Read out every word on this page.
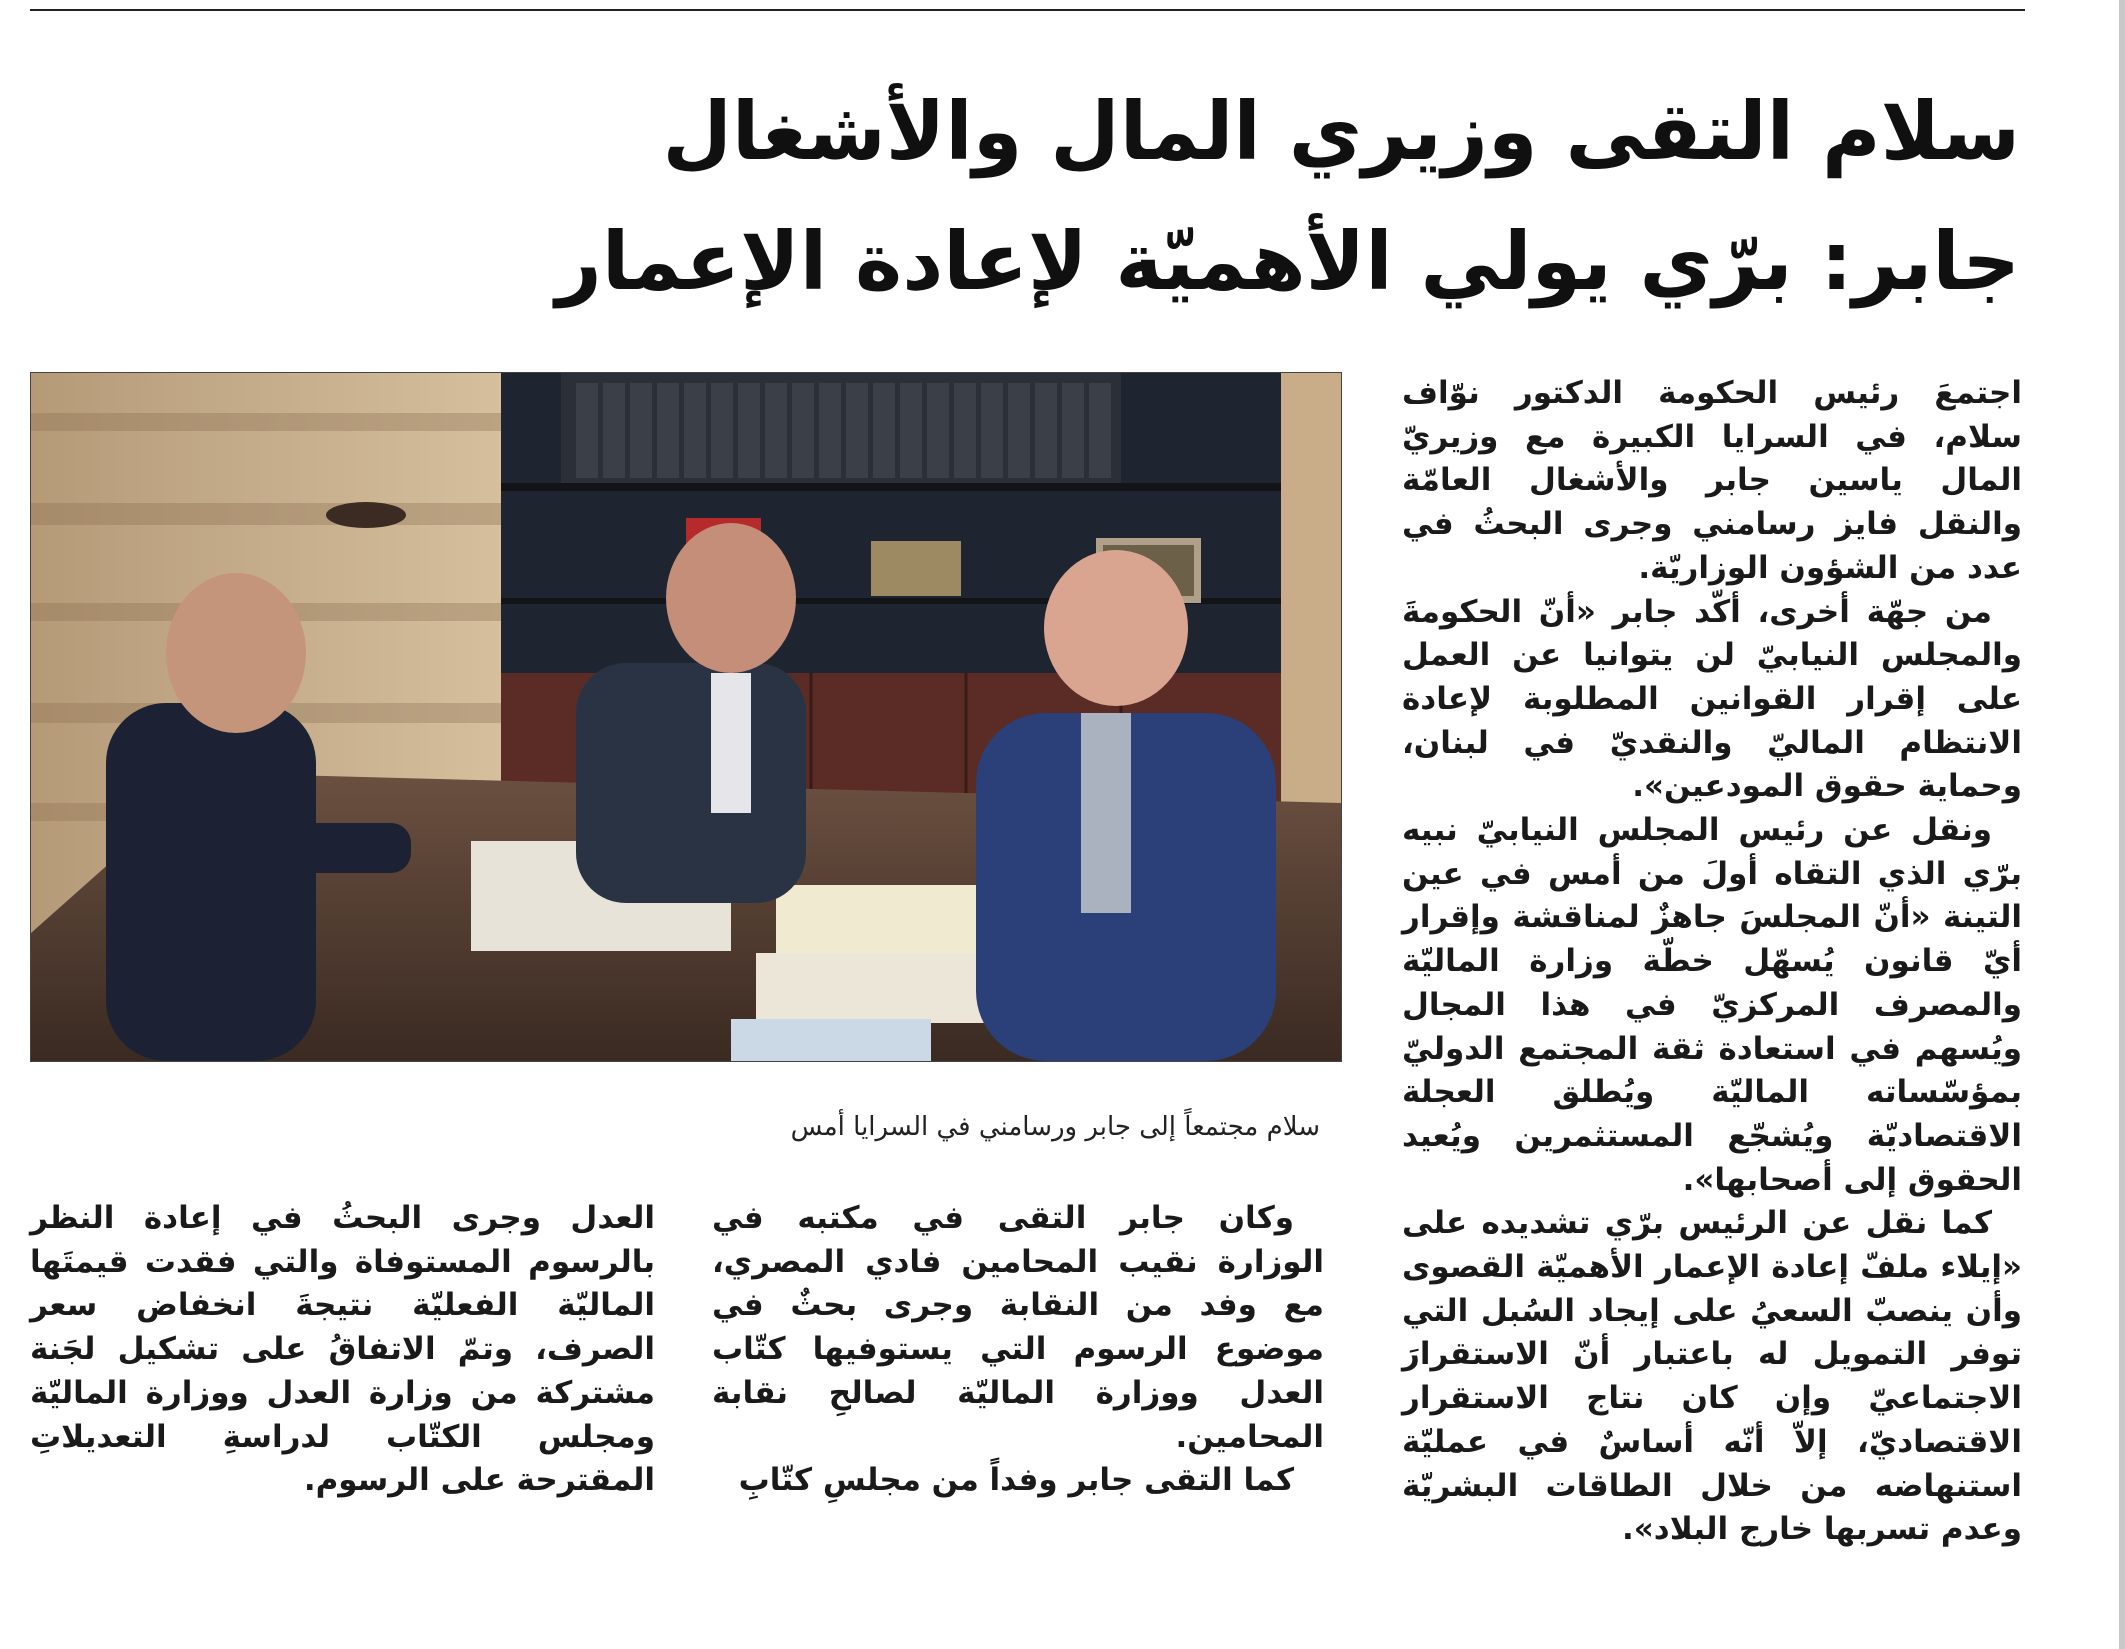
سلام التقى وزيري المال والأشغال
جابر: برّي يولي الأهميّة لإعادة الإعمار
سلام مجتمعاً إلى جابر ورسامني في السرايا أمس

اجتمعَ رئيس الحكومة الدكتور نوّاف سلام، في السرايا الكبيرة مع وزيريّ المال ياسين جابر والأشغال العامّة والنقل فايز رسامني وجرى البحثُ في عدد من الشؤون الوزاريّة.

من جهّة أخرى، أكّد جابر «أنّ الحكومةَ والمجلس النيابيّ لن يتوانيا عن العمل على إقرار القوانين المطلوبة لإعادة الانتظام الماليّ والنقديّ في لبنان، وحماية حقوق المودعين».

ونقل عن رئيس المجلس النيابيّ نبيه برّي الذي التقاه أولَ من أمس في عين التينة «أنّ المجلسَ جاهزٌ لمناقشة وإقرار أيّ قانون يُسهّل خطّة وزارة الماليّة والمصرف المركزيّ في هذا المجال ويُسهم في استعادة ثقة المجتمع الدوليّ بمؤسّساته الماليّة ويُطلق العجلة الاقتصاديّة ويُشجّع المستثمرين ويُعيد الحقوق إلى أصحابها».

كما نقل عن الرئيس برّي تشديده على «إيلاء ملفّ إعادة الإعمار الأهميّة القصوى وأن ينصبّ السعيُ على إيجاد السُبل التي توفر التمويل له باعتبار أنّ الاستقرارَ الاجتماعيّ وإن كان نتاج الاستقرار الاقتصاديّ، إلاّ أنّه أساسٌ في عمليّة استنهاضه من خلال الطاقات البشريّة وعدم تسربها خارج البلاد».

وكان جابر التقى في مكتبه في الوزارة نقيب المحامين فادي المصري، مع وفد من النقابة وجرى بحثٌ في موضوع الرسوم التي يستوفيها كتّاب العدل ووزارة الماليّة لصالحِ نقابة المحامين.

كما التقى جابر وفداً من مجلسِ كتّابِ

العدل وجرى البحثُ في إعادة النظر بالرسوم المستوفاة والتي فقدت قيمتَها الماليّة الفعليّة نتيجةَ انخفاض سعر الصرف، وتمّ الاتفاقُ على تشكيل لجَنة مشتركة من وزارة العدل ووزارة الماليّة ومجلس الكتّاب لدراسةِ التعديلاتِ المقترحة على الرسوم.
